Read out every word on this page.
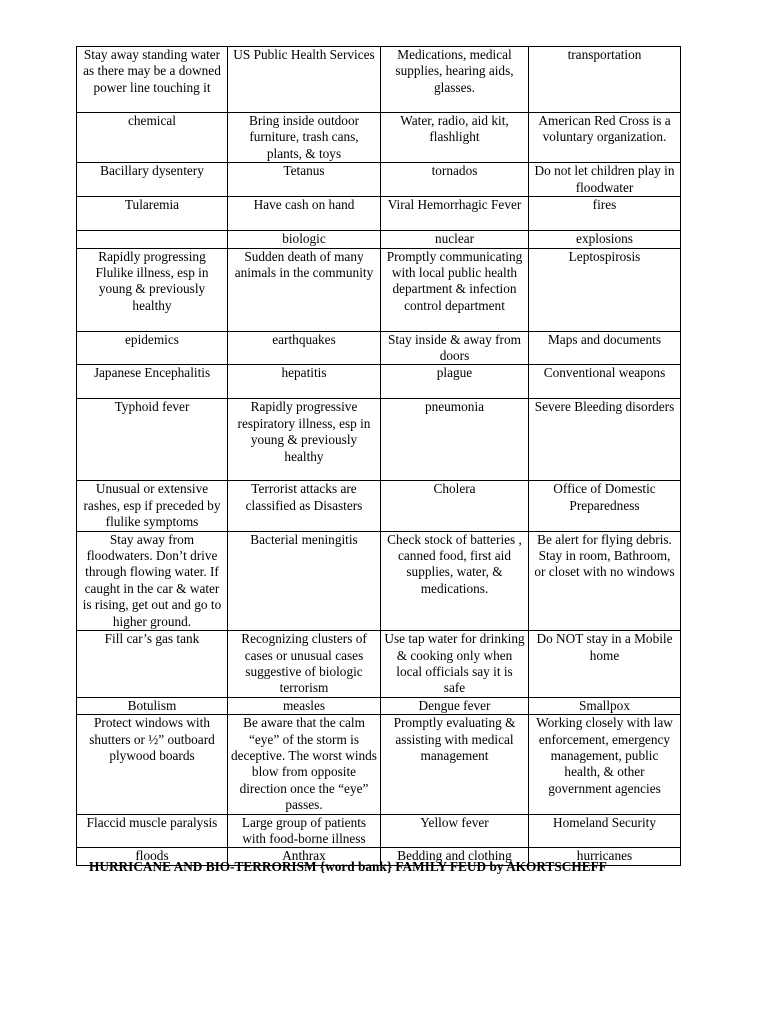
Stay away standing water as there may be a downed power line touching it	US Public Health Services	Medications, medical supplies, hearing aids, glasses.	transportation
chemical	Bring inside outdoor furniture, trash cans, plants, & toys	Water, radio, aid kit, flashlight	American Red Cross is a voluntary organization.
Bacillary dysentery	Tetanus	tornados	Do not let children play in floodwater
Tularemia	Have cash on hand	Viral Hemorrhagic Fever	fires
	biologic	nuclear	explosions
Rapidly progressing Flulike illness, esp in young & previously healthy	Sudden death of many animals in the community	Promptly communicating with local public health department & infection control department	Leptospirosis
epidemics	earthquakes	Stay inside & away from doors	Maps and documents
Japanese Encephalitis	hepatitis	plague	Conventional weapons
Typhoid fever	Rapidly progressive respiratory illness, esp in young & previously healthy	pneumonia	Severe Bleeding disorders
Unusual or extensive rashes, esp if preceded by flulike symptoms	Terrorist attacks are classified as Disasters	Cholera	Office of Domestic Preparedness
Stay away from floodwaters. Don’t drive through flowing water. If caught in the car & water is rising, get out and go to higher ground.	Bacterial meningitis	Check stock of batteries , canned food, first aid supplies, water, & medications.	Be alert for flying debris. Stay in room, Bathroom, or closet with no windows
Fill car’s gas tank	Recognizing clusters of cases or unusual cases suggestive of biologic terrorism	Use tap water for drinking & cooking only when local officials say it is safe	Do NOT stay in a Mobile home
Botulism	measles	Dengue fever	Smallpox
Protect windows with shutters or ½” outboard plywood boards	Be aware that the calm “eye” of the storm is deceptive. The worst winds blow from opposite direction once the “eye” passes.	Promptly evaluating & assisting with medical management	Working closely with law enforcement, emergency management, public health, & other government agencies
Flaccid muscle paralysis	Large group of patients with food-borne illness	Yellow fever	Homeland Security
floods	Anthrax	Bedding and clothing	hurricanes
HURRICANE AND BIO-TERRORISM {word bank} FAMILY FEUD by AKORTSCHEFF
